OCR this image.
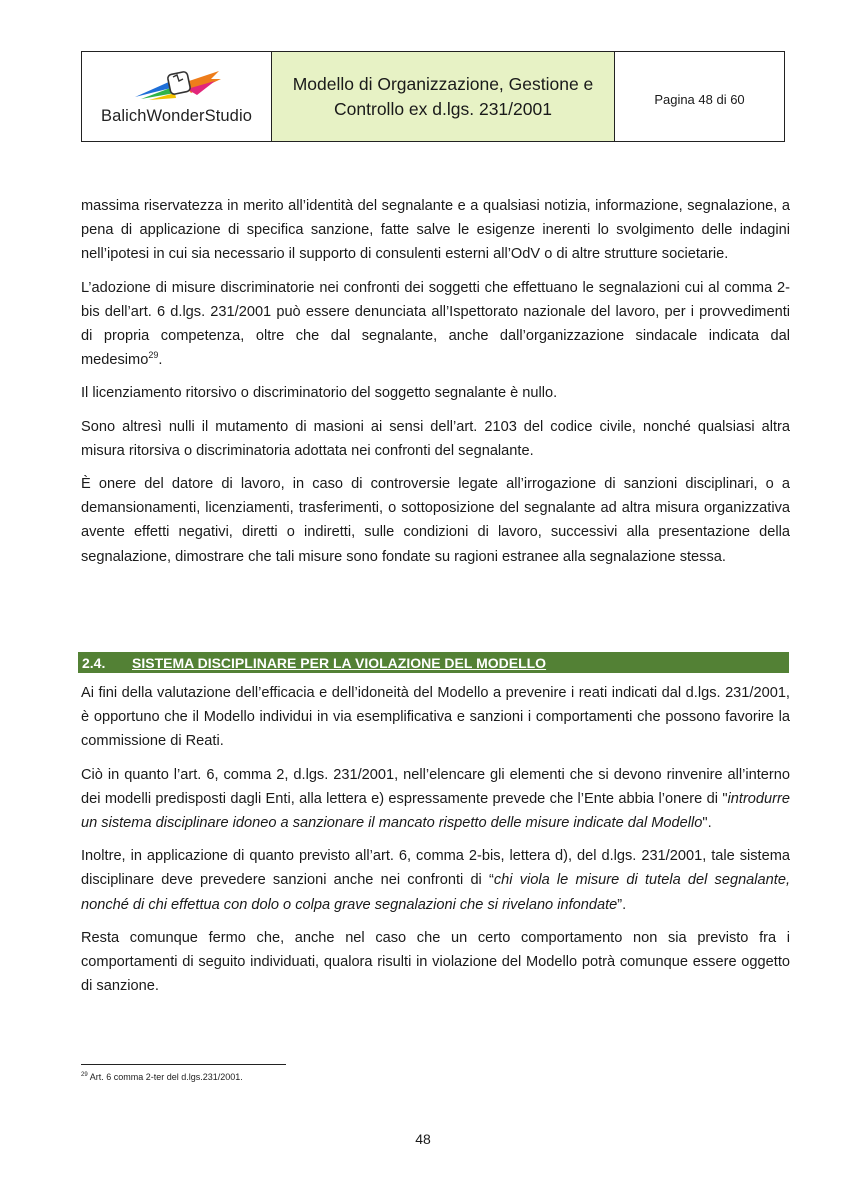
BalichWonderStudio
Modello di Organizzazione, Gestione e Controllo ex d.lgs. 231/2001	Pagina 48 di 60

massima riservatezza in merito all’identità del segnalante e a qualsiasi notizia, informazione, segnalazione, a pena di applicazione di specifica sanzione, fatte salve le esigenze inerenti lo svolgimento delle indagini nell’ipotesi in cui sia necessario il supporto di consulenti esterni all’OdV o di altre strutture societarie.

L’adozione di misure discriminatorie nei confronti dei soggetti che effettuano le segnalazioni cui al comma 2-bis dell’art. 6 d.lgs. 231/2001 può essere denunciata all’Ispettorato nazionale del lavoro, per i provvedimenti di propria competenza, oltre che dal segnalante, anche dall’organizzazione sindacale indicata dal medesimo$^{29}$.

Il licenziamento ritorsivo o discriminatorio del soggetto segnalante è nullo.

Sono altresì nulli il mutamento di masioni ai sensi dell’art. 2103 del codice civile, nonché qualsiasi altra misura ritorsiva o discriminatoria adottata nei confronti del segnalante.

È onere del datore di lavoro, in caso di controversie legate all’irrogazione di sanzioni disciplinari, o a demansionamenti, licenziamenti, trasferimenti, o sottoposizione del segnalante ad altra misura organizzativa avente effetti negativi, diretti o indiretti, sulle condizioni di lavoro, successivi alla presentazione della segnalazione, dimostrare che tali misure sono fondate su ragioni estranee alla segnalazione stessa.

2.4.	SISTEMA DISCIPLINARE PER LA VIOLAZIONE DEL MODELLO

Ai fini della valutazione dell’efficacia e dell’idoneità del Modello a prevenire i reati indicati dal d.lgs. 231/2001, è opportuno che il Modello individui in via esemplificativa e sanzioni i comportamenti che possono favorire la commissione di Reati.

Ciò in quanto l’art. 6, comma 2, d.lgs. 231/2001, nell’elencare gli elementi che si devono rinvenire all’interno dei modelli predisposti dagli Enti, alla lettera e) espressamente prevede che l’Ente abbia l’onere di "introdurre un sistema disciplinare idoneo a sanzionare il mancato rispetto delle misure indicate dal Modello".

Inoltre, in applicazione di quanto previsto all’art. 6, comma 2-bis, lettera d), del d.lgs. 231/2001, tale sistema disciplinare deve prevedere sanzioni anche nei confronti di “chi viola le misure di tutela del segnalante, nonché di chi effettua con dolo o colpa grave segnalazioni che si rivelano infondate”.

Resta comunque fermo che, anche nel caso che un certo comportamento non sia previsto fra i comportamenti di seguito individuati, qualora risulti in violazione del Modello potrà comunque essere oggetto di sanzione.

$^{29}$ Art. 6 comma 2-ter del d.lgs.231/2001.
48
